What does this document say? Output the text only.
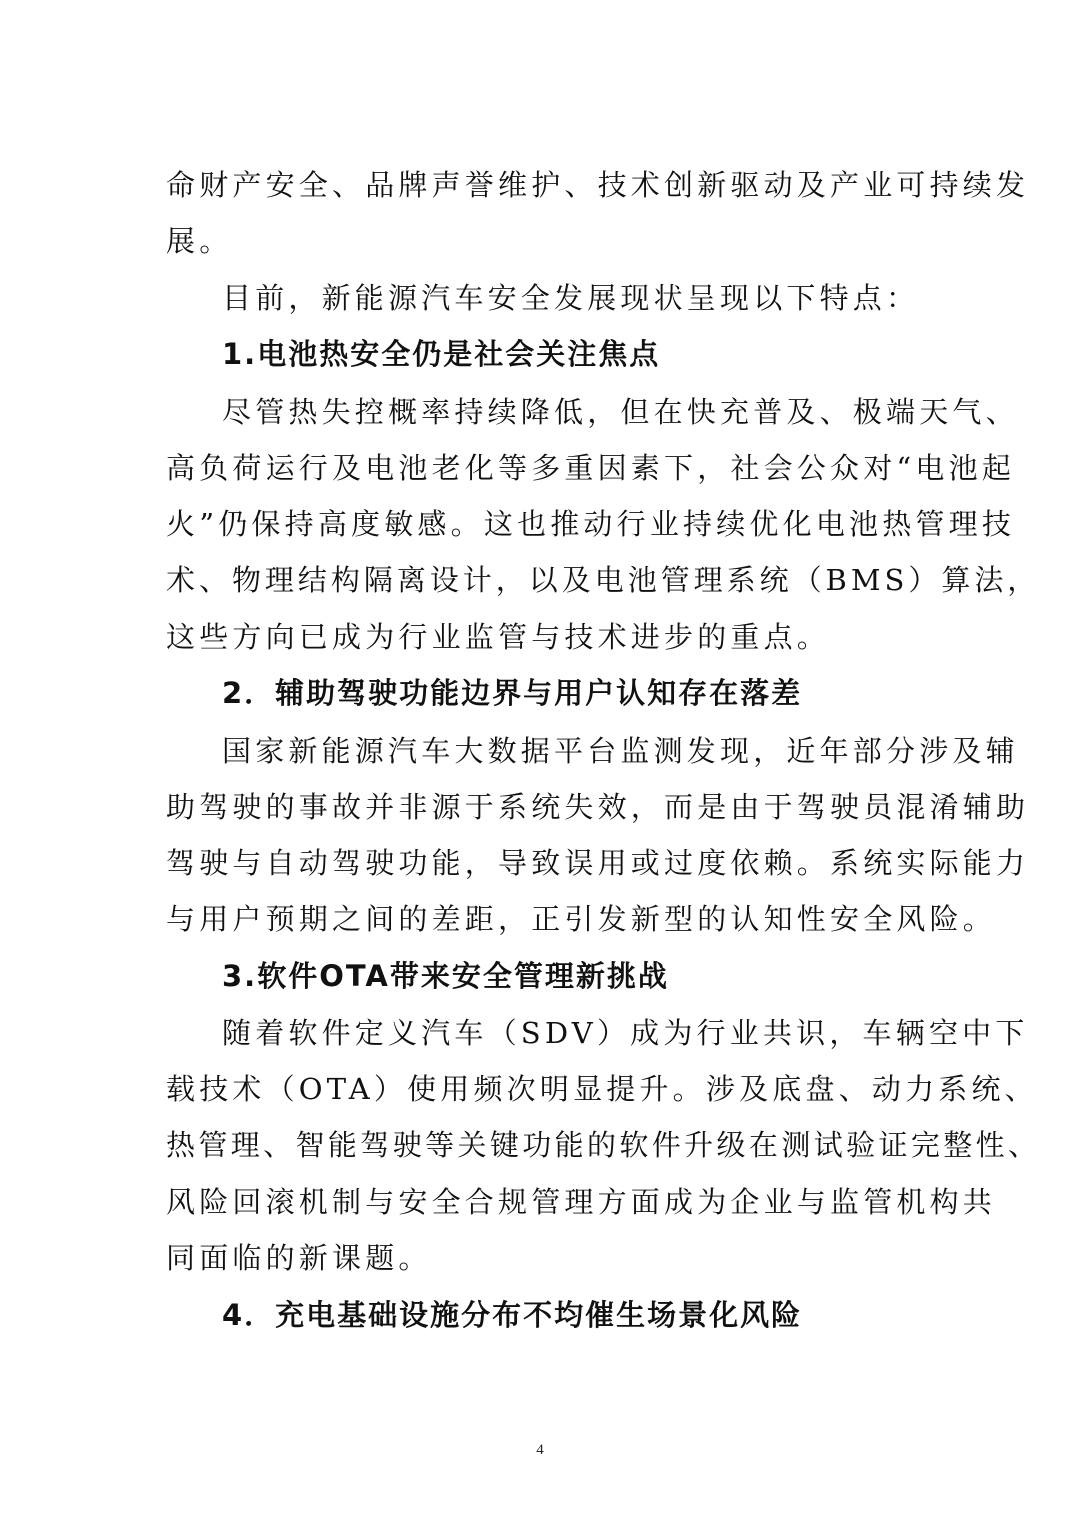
命财产安全、品牌声誉维护、技术创新驱动及产业可持续发
展。
目前，新能源汽车安全发展现状呈现以下特点：
1.电池热安全仍是社会关注焦点
尽管热失控概率持续降低，但在快充普及、极端天气、
高负荷运行及电池老化等多重因素下，社会公众对“电池起
火”仍保持高度敏感。这也推动行业持续优化电池热管理技
术、物理结构隔离设计，以及电池管理系统（BMS）算法，
这些方向已成为行业监管与技术进步的重点。
2．辅助驾驶功能边界与用户认知存在落差
国家新能源汽车大数据平台监测发现，近年部分涉及辅
助驾驶的事故并非源于系统失效，而是由于驾驶员混淆辅助
驾驶与自动驾驶功能，导致误用或过度依赖。系统实际能力
与用户预期之间的差距，正引发新型的认知性安全风险。
3.软件OTA带来安全管理新挑战
随着软件定义汽车（SDV）成为行业共识，车辆空中下
载技术（OTA）使用频次明显提升。涉及底盘、动力系统、
热管理、智能驾驶等关键功能的软件升级在测试验证完整性、
风险回滚机制与安全合规管理方面成为企业与监管机构共
同面临的新课题。
4．充电基础设施分布不均催生场景化风险
4
